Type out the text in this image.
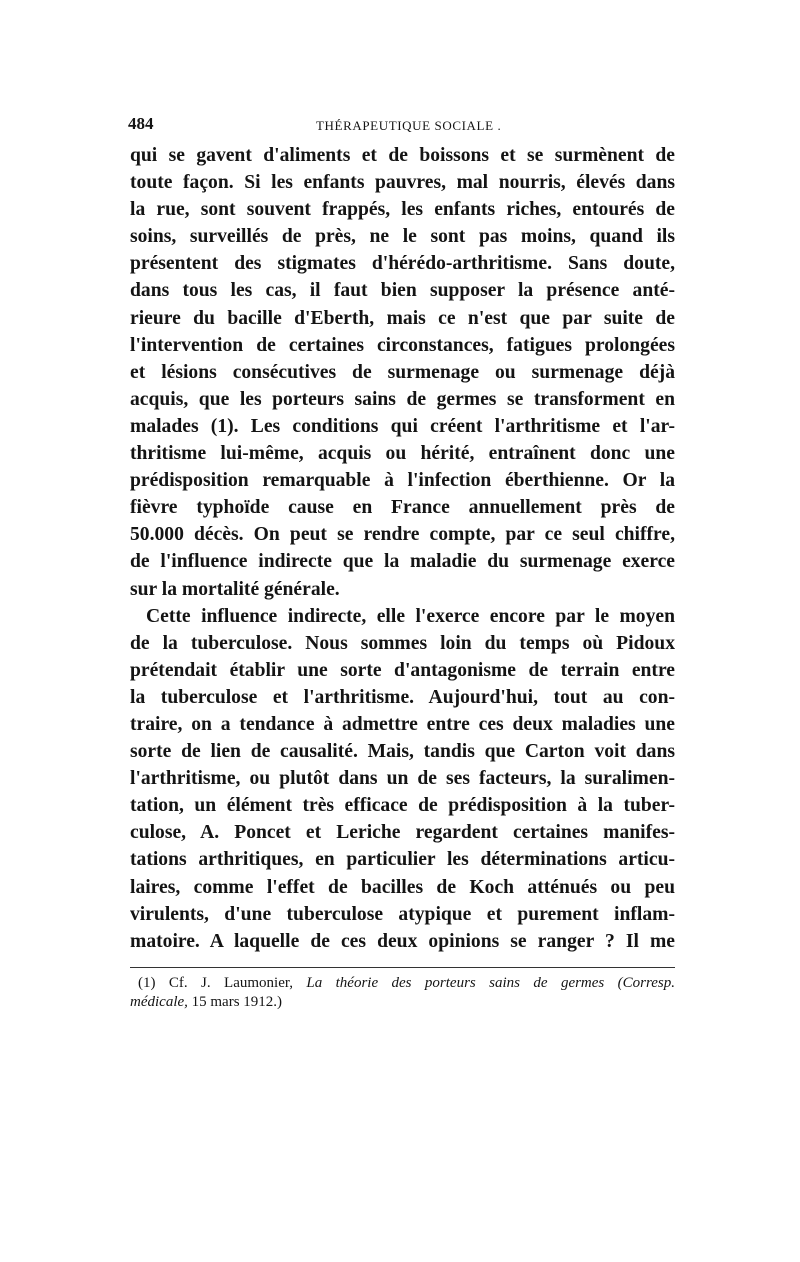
484	THÉRAPEUTIQUE SOCIALE .
qui se gavent d'aliments et de boissons et se surmènent de
toute façon. Si les enfants pauvres, mal nourris, élevés dans
la rue, sont souvent frappés, les enfants riches, entourés de
soins, surveillés de près, ne le sont pas moins, quand ils
présentent des stigmates d'hérédo-arthritisme. Sans doute,
dans tous les cas, il faut bien supposer la présence anté-
rieure du bacille d'Eberth, mais ce n'est que par suite de
l'intervention de certaines circonstances, fatigues prolongées
et lésions consécutives de surmenage ou surmenage déjà
acquis, que les porteurs sains de germes se transforment en
malades (1). Les conditions qui créent l'arthritisme et l'ar-
thritisme lui-même, acquis ou hérité, entraînent donc une
prédisposition remarquable à l'infection éberthienne. Or la
fièvre typhoïde cause en France annuellement près de
50.000 décès. On peut se rendre compte, par ce seul chiffre,
de l'influence indirecte que la maladie du surmenage exerce
sur la mortalité générale.
Cette influence indirecte, elle l'exerce encore par le moyen
de la tuberculose. Nous sommes loin du temps où Pidoux
prétendait établir une sorte d'antagonisme de terrain entre
la tuberculose et l'arthritisme. Aujourd'hui, tout au con-
traire, on a tendance à admettre entre ces deux maladies une
sorte de lien de causalité. Mais, tandis que Carton voit dans
l'arthritisme, ou plutôt dans un de ses facteurs, la suralimen-
tation, un élément très efficace de prédisposition à la tuber-
culose, A. Poncet et Leriche regardent certaines manifes-
tations arthritiques, en particulier les déterminations articu-
laires, comme l'effet de bacilles de Koch atténués ou peu
virulents, d'une tuberculose atypique et purement inflam-
matoire. A laquelle de ces deux opinions se ranger ? Il me
(1) Cf. J. Laumonier, La théorie des porteurs sains de germes (Corresp.
médicale, 15 mars 1912.)
